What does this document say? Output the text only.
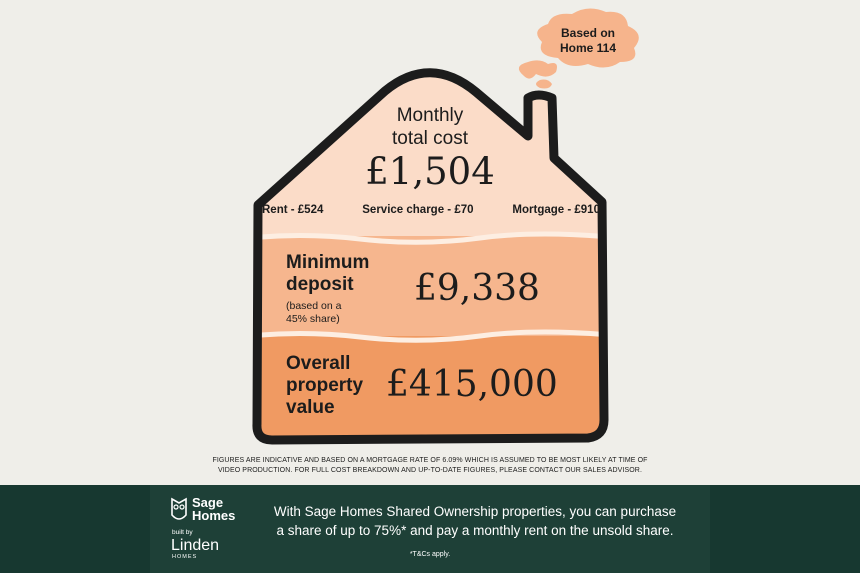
Based on
Home 114
Monthly
total cost
£1,504
Rent - £524	Service charge - £70	Mortgage - £910
Minimum
deposit
(based on a
45% share)
£9,338
Overall
property
value
£415,000
FIGURES ARE INDICATIVE AND BASED ON A MORTGAGE RATE OF 6.09% WHICH IS ASSUMED TO BE MOST LIKELY AT TIME OF
VIDEO PRODUCTION. FOR FULL COST BREAKDOWN AND UP-TO-DATE FIGURES, PLEASE CONTACT OUR SALES ADVISOR.
Sage
Homes
built by
Linden
HOMES
With Sage Homes Shared Ownership properties, you can purchase
a share of up to 75%* and pay a monthly rent on the unsold share.
*T&Cs apply.
